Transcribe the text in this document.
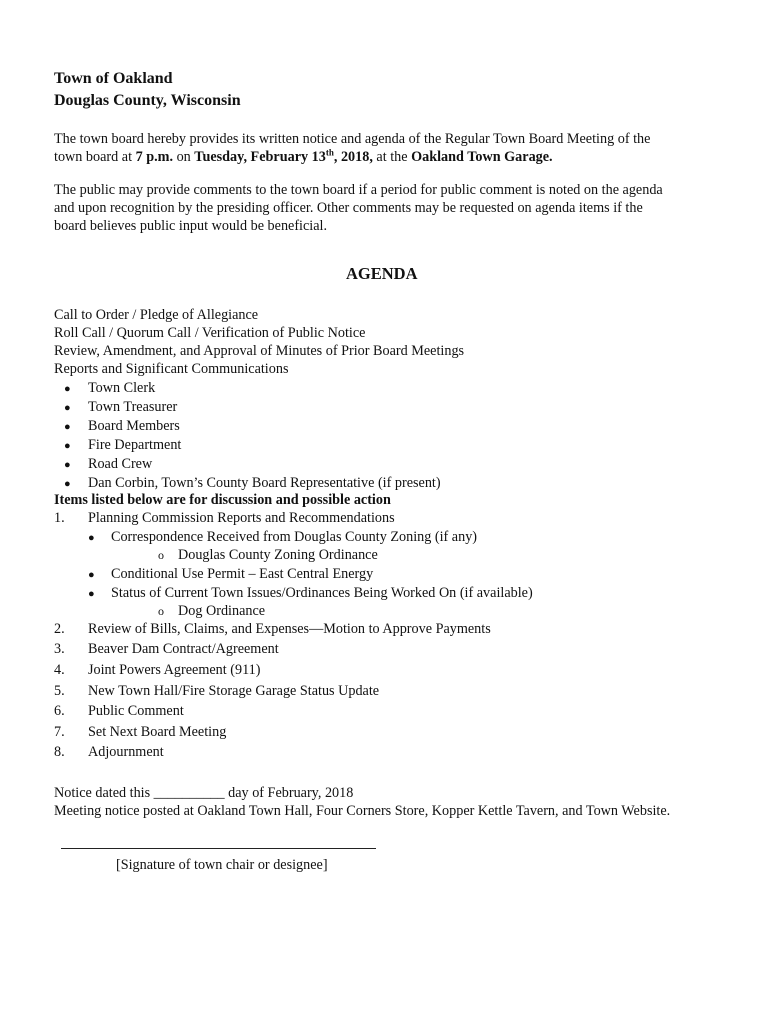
Town of Oakland
Douglas County, Wisconsin
The town board hereby provides its written notice and agenda of the Regular Town Board Meeting of the
town board at 7 p.m. on Tuesday, February 13th, 2018, at the Oakland Town Garage.
The public may provide comments to the town board if a period for public comment is noted on the agenda
and upon recognition by the presiding officer. Other comments may be requested on agenda items if the
board believes public input would be beneficial.
AGENDA
Call to Order / Pledge of Allegiance
Roll Call / Quorum Call / Verification of Public Notice
Review, Amendment, and Approval of Minutes of Prior Board Meetings
Reports and Significant Communications
● Town Clerk
● Town Treasurer
● Board Members
● Fire Department
● Road Crew
● Dan Corbin, Town’s County Board Representative (if present)
Items listed below are for discussion and possible action
1. Planning Commission Reports and Recommendations
● Correspondence Received from Douglas County Zoning (if any)
o Douglas County Zoning Ordinance
● Conditional Use Permit – East Central Energy
● Status of Current Town Issues/Ordinances Being Worked On (if available)
o Dog Ordinance
2. Review of Bills, Claims, and Expenses—Motion to Approve Payments
3. Beaver Dam Contract/Agreement
4. Joint Powers Agreement (911)
5. New Town Hall/Fire Storage Garage Status Update
6. Public Comment
7. Set Next Board Meeting
8. Adjournment
Notice dated this __________ day of February, 2018
Meeting notice posted at Oakland Town Hall, Four Corners Store, Kopper Kettle Tavern, and Town Website.
[Signature of town chair or designee]
